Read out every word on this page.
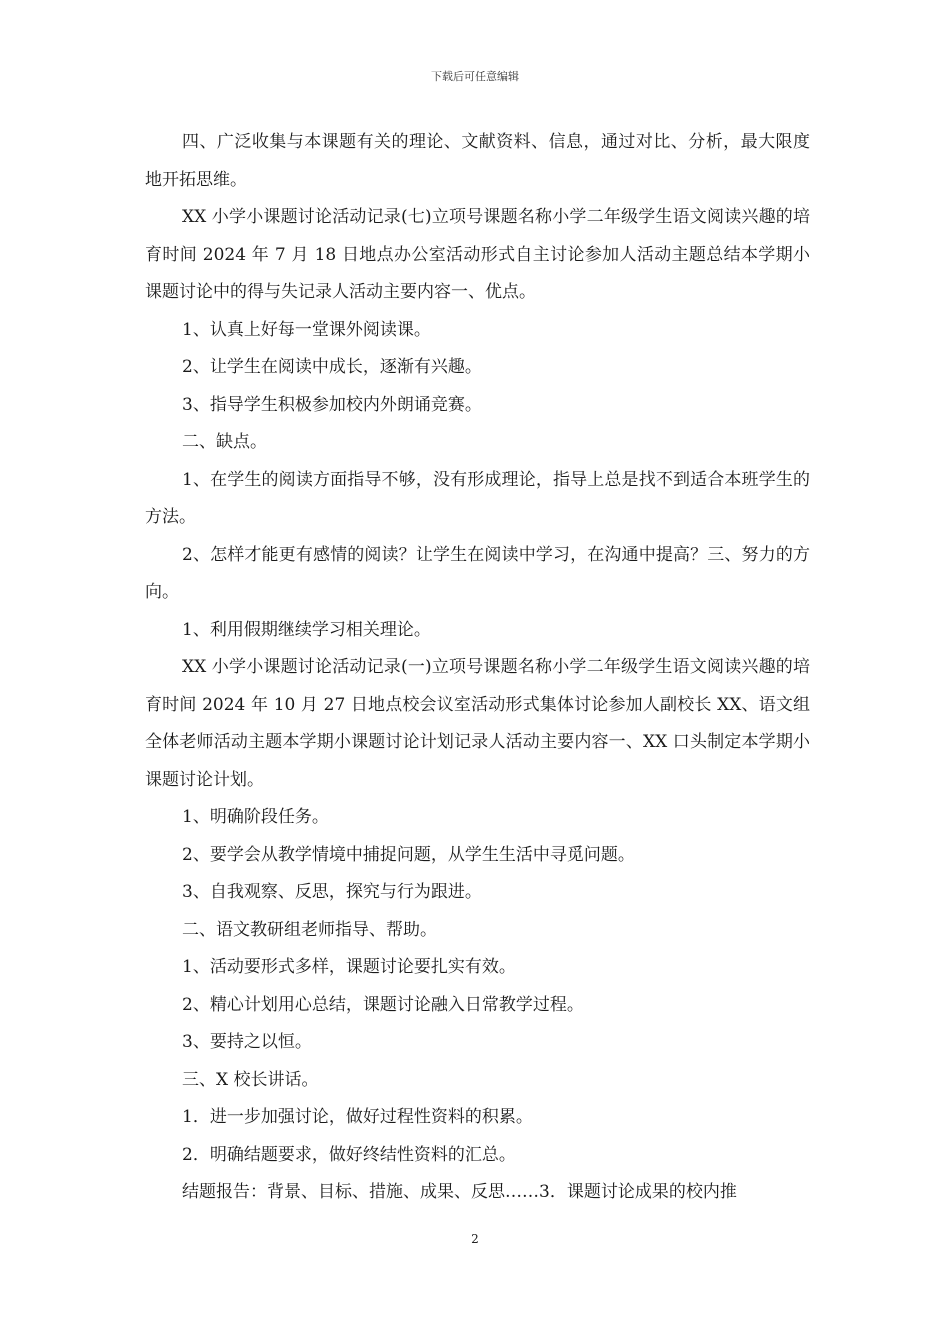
下载后可任意编辑

四、广泛收集与本课题有关的理论、文献资料、信息，通过对比、分析，最大限度地开拓思维。

XX 小学小课题讨论活动记录(七)立项号课题名称小学二年级学生语文阅读兴趣的培育时间 2024 年 7 月 18 日地点办公室活动形式自主讨论参加人活动主题总结本学期小课题讨论中的得与失记录人活动主要内容一、优点。

1、认真上好每一堂课外阅读课。

2、让学生在阅读中成长，逐渐有兴趣。

3、指导学生积极参加校内外朗诵竞赛。

二、缺点。

1、在学生的阅读方面指导不够，没有形成理论，指导上总是找不到适合本班学生的方法。

2、怎样才能更有感情的阅读？让学生在阅读中学习，在沟通中提高？三、努力的方向。

1、利用假期继续学习相关理论。

XX 小学小课题讨论活动记录(一)立项号课题名称小学二年级学生语文阅读兴趣的培育时间 2024 年 10 月 27 日地点校会议室活动形式集体讨论参加人副校长 XX、语文组全体老师活动主题本学期小课题讨论计划记录人活动主要内容一、XX 口头制定本学期小课题讨论计划。

1、明确阶段任务。

2、要学会从教学情境中捕捉问题，从学生生活中寻觅问题。

3、自我观察、反思，探究与行为跟进。

二、语文教研组老师指导、帮助。

1、活动要形式多样，课题讨论要扎实有效。

2、精心计划用心总结，课题讨论融入日常教学过程。

3、要持之以恒。

三、X 校长讲话。

1．进一步加强讨论，做好过程性资料的积累。

2．明确结题要求，做好终结性资料的汇总。

结题报告：背景、目标、措施、成果、反思……3．课题讨论成果的校内推

2
